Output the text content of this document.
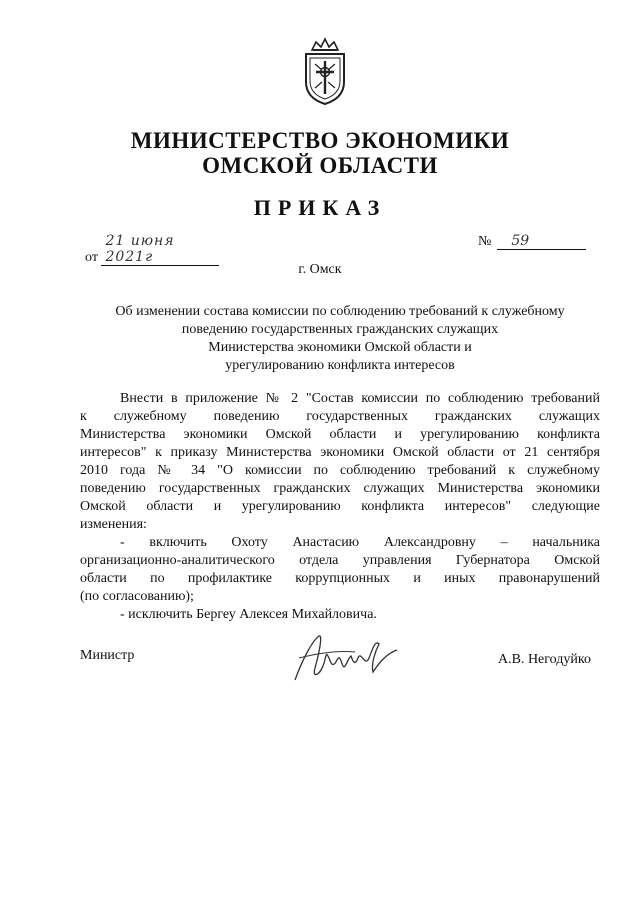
МИНИСТЕРСТВО ЭКОНОМИКИ
ОМСКОЙ ОБЛАСТИ
ПРИКАЗ
от 21 июня 2021г
№ 59
г. Омск
Об изменении состава комиссии по соблюдению требований к служебному
поведению государственных гражданских служащих
Министерства экономики Омской области и
урегулированию конфликта интересов
Внести в приложение № 2 "Состав комиссии по соблюдению требований
к служебному поведению государственных гражданских служащих
Министерства экономики Омской области и урегулированию конфликта
интересов" к приказу Министерства экономики Омской области от 21 сентября
2010 года № 34 "О комиссии по соблюдению требований к служебному
поведению государственных гражданских служащих Министерства экономики
Омской области и урегулированию конфликта интересов" следующие
изменения:
- включить Охоту Анастасию Александровну – начальника
организационно-аналитического отдела управления Губернатора Омской
области по профилактике коррупционных и иных правонарушений
(по согласованию);
- исключить Бергеу Алексея Михайловича.
Министр	А.В. Негодуйко
